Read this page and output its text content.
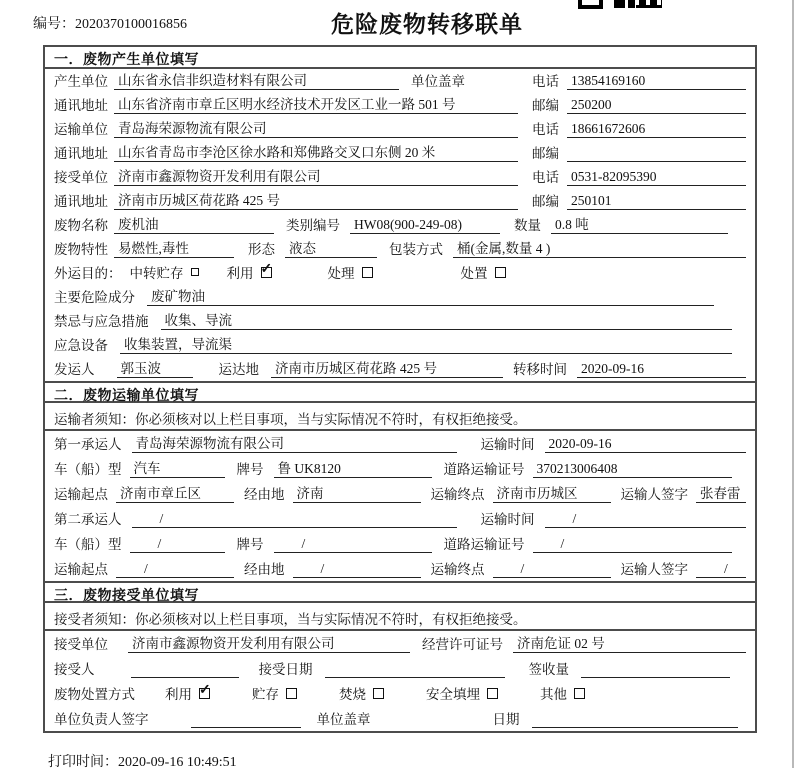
编号：2020370100016856	危险废物转移联单
一．废物产生单位填写
产生单位 山东省永信非织造材料有限公司	单位盖章	电话 13854169160
通讯地址 山东省济南市章丘区明水经济技术开发区工业一路 501 号	邮编 250200
运输单位 青岛海荣源物流有限公司	电话 18661672606
通讯地址 山东省青岛市李沧区徐水路和郑佛路交叉口东侧 20 米	邮编
接受单位 济南市鑫源物资开发利用有限公司	电话 0531-82095390
通讯地址 济南市历城区荷花路 425 号	邮编 250101
废物名称 废机油	类别编号 HW08(900-249-08)	数量 0.8 吨
废物特性 易燃性,毒性	形态 液态	包装方式 桶(金属,数量 4 )
外运目的： 中转贮存	利用 ✓	处理	处置
主要危险成分 废矿物油
禁忌与应急措施 收集、导流
应急设备 收集装置，导流渠
发运人 郭玉波	运达地 济南市历城区荷花路 425 号	转移时间 2020-09-16
二．废物运输单位填写
运输者须知：你必须核对以上栏目事项，当与实际情况不符时，有权拒绝接受。
第一承运人 青岛海荣源物流有限公司	运输时间 2020-09-16
车（船）型 汽车	牌号 鲁 UK8120	道路运输证号 370213006408
运输起点 济南市章丘区	经由地 济南	运输终点 济南市历城区	运输人签字 张春雷
第二承运人	/	运输时间	/
车（船）型	/	牌号	/	道路运输证号	/
运输起点	/	经由地	/	运输终点	/	运输人签字	/
三．废物接受单位填写
接受者须知：你必须核对以上栏目事项，当与实际情况不符时，有权拒绝接受。
接受单位 济南市鑫源物资开发利用有限公司	经营许可证号 济南危证 02 号
接受人	接受日期	签收量
废物处置方式 利用 ✓	贮存	焚烧	安全填埋	其他
单位负责人签字	单位盖章	日期
打印时间：2020-09-16 10:49:51
